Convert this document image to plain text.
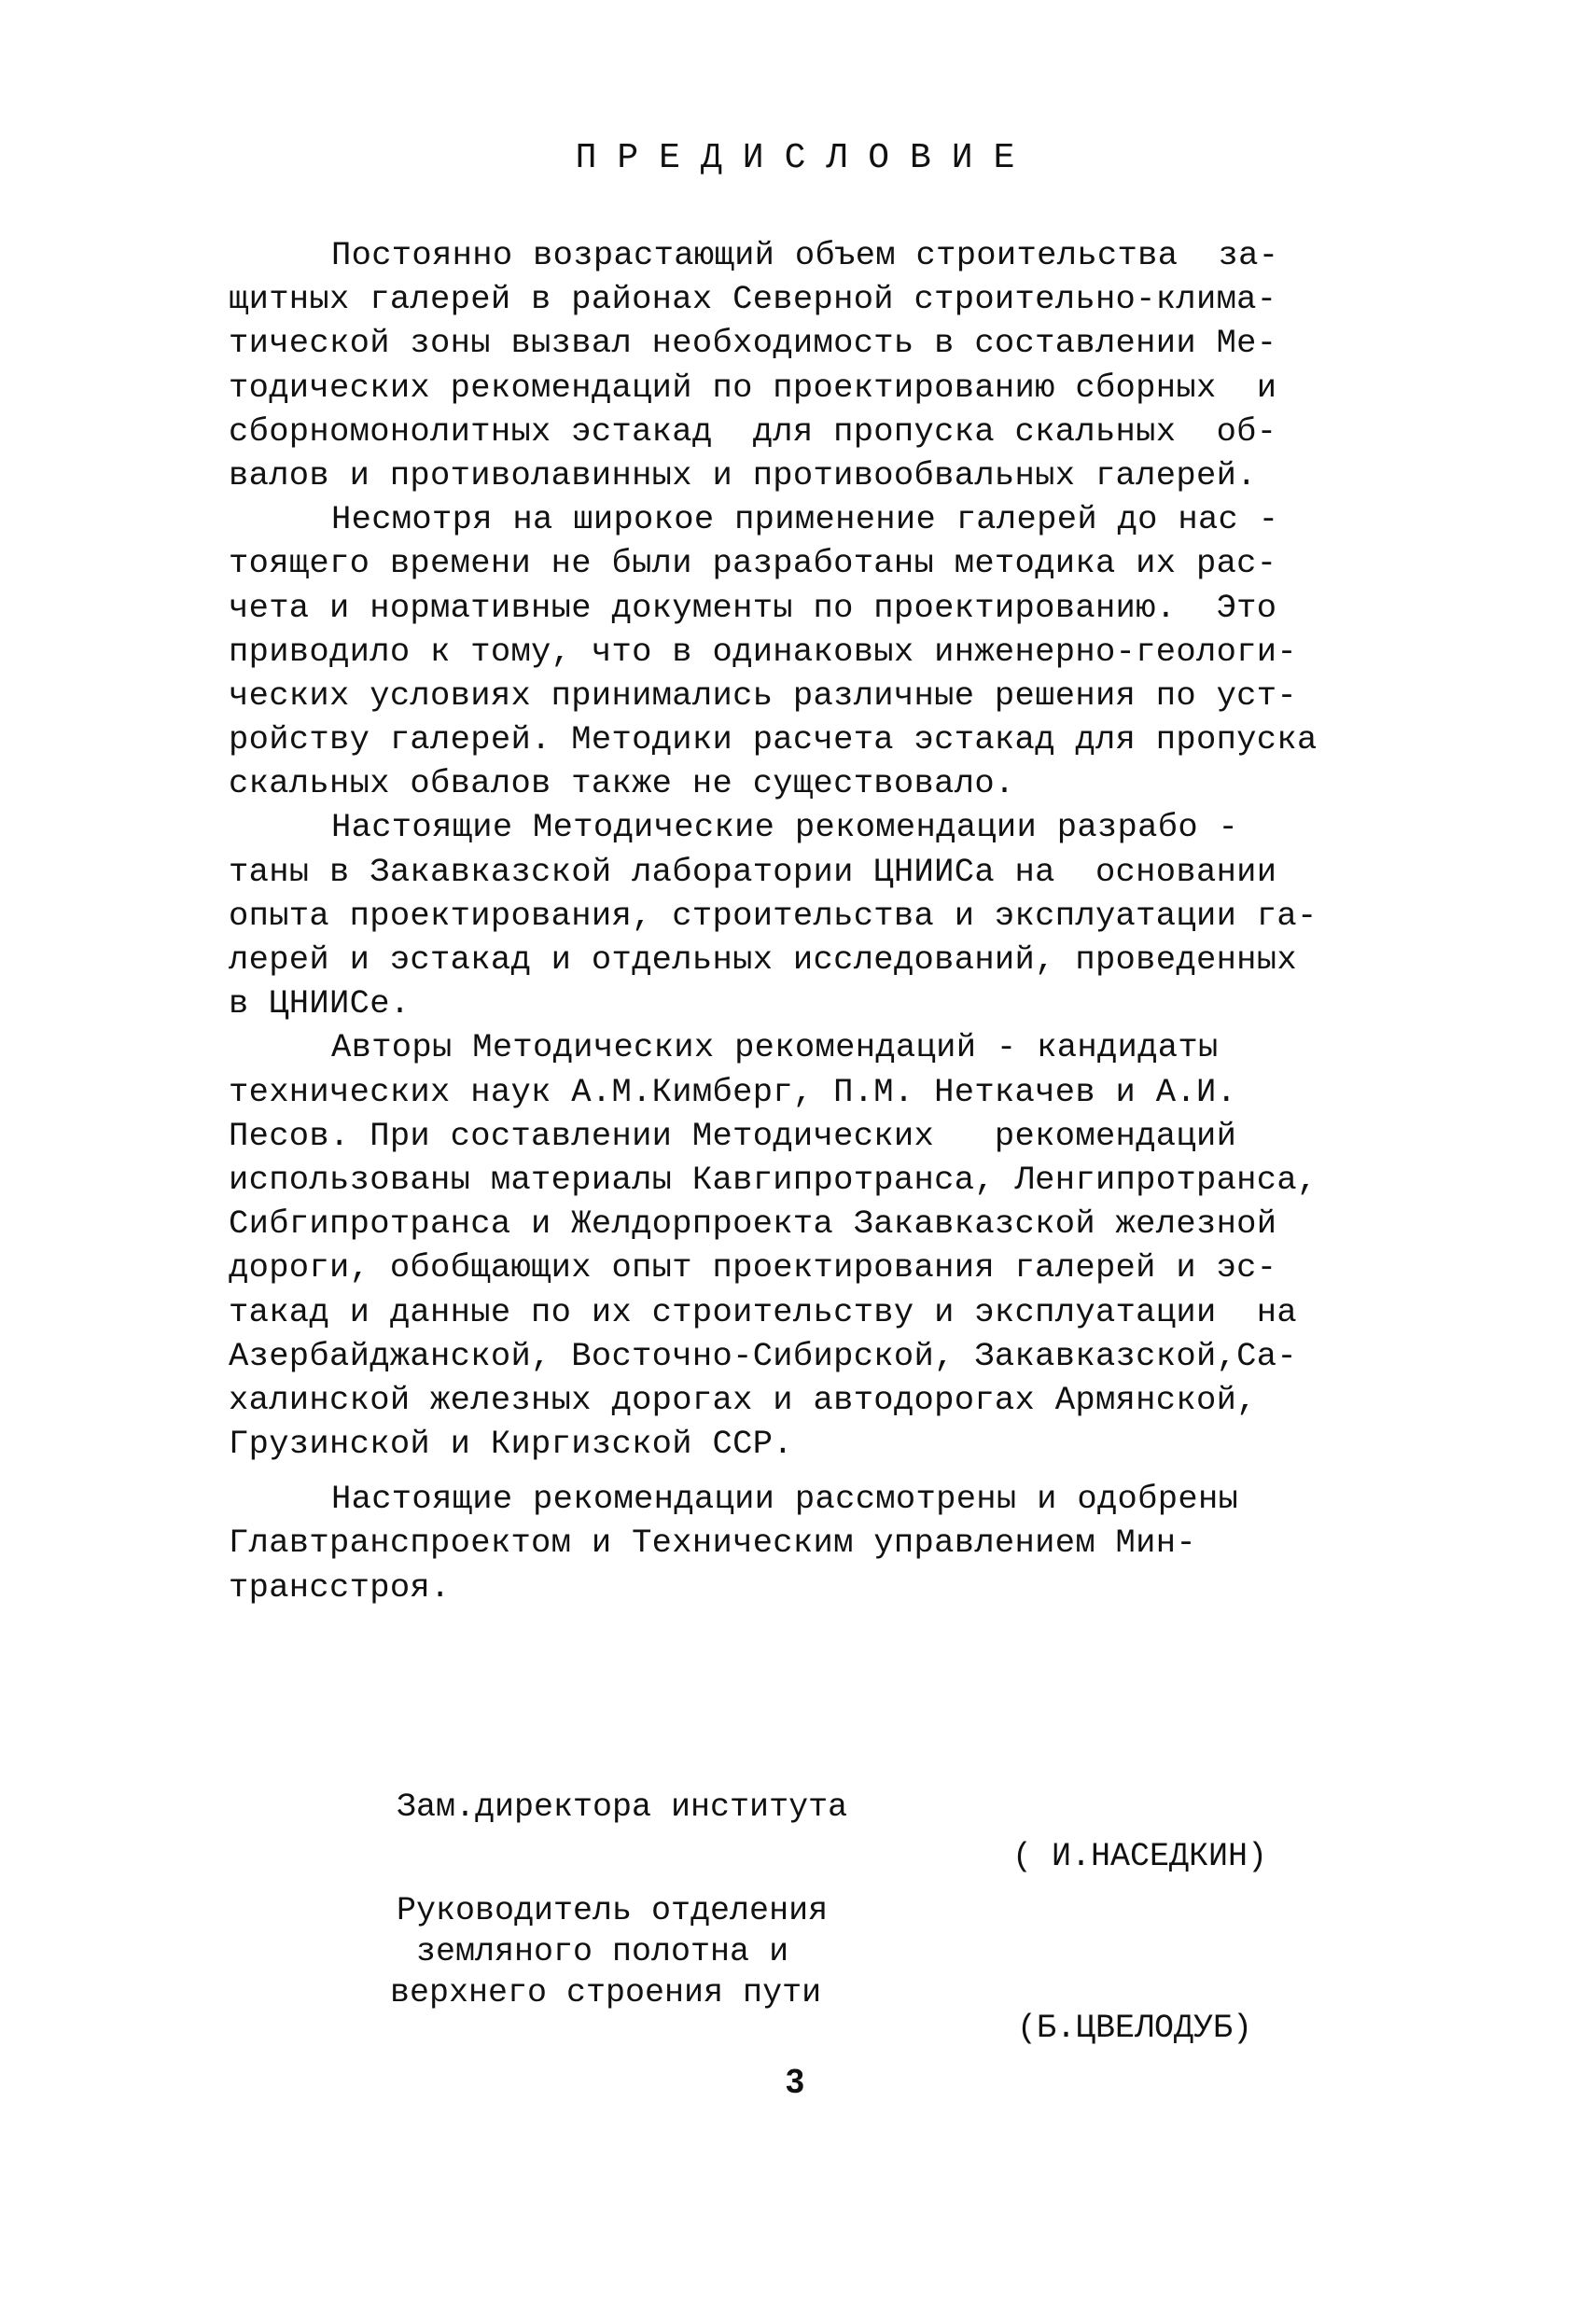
ПРЕДИСЛОВИЕ
Постоянно возрастающий объем строительства  за-
щитных галерей в районах Северной строительно-клима-
тической зоны вызвал необходимость в составлении Ме-
тодических рекомендаций по проектированию сборных  и
сборномонолитных эстакад  для пропуска скальных  об-
валов и противолавинных и противообвальных галерей.
Несмотря на широкое применение галерей до нас -
тоящего времени не были разработаны методика их рас-
чета и нормативные документы по проектированию.  Это
приводило к тому, что в одинаковых инженерно-геологи-
ческих условиях принимались различные решения по уст-
ройству галерей. Методики расчета эстакад для пропуска
скальных обвалов также не существовало.
Настоящие Методические рекомендации разрабо -
таны в Закавказской лаборатории ЦНИИСа на  основании
опыта проектирования, строительства и эксплуатации га-
лерей и эстакад и отдельных исследований, проведенных
в ЦНИИСе.
Авторы Методических рекомендаций - кандидаты
технических наук А.М.Кимберг, П.М. Неткачев и А.И.
Песов. При составлении Методических   рекомендаций
использованы материалы Кавгипротранса, Ленгипротранса,
Сибгипротранса и Желдорпроекта Закавказской железной
дороги, обобщающих опыт проектирования галерей и эс-
такад и данные по их строительству и эксплуатации  на
Азербайджанской, Восточно-Сибирской, Закавказской,Са-
халинской железных дорогах и автодорогах Армянской,
Грузинской и Киргизской ССР.
Настоящие рекомендации рассмотрены и одобрены
Главтранспроектом и Техническим управлением Мин-
трансстроя.
Зам.директора института
( И.НАСЕДКИН)
Руководитель отделения
земляного полотна и
верхнего строения пути
(Б.ЦВЕЛОДУБ)
3
